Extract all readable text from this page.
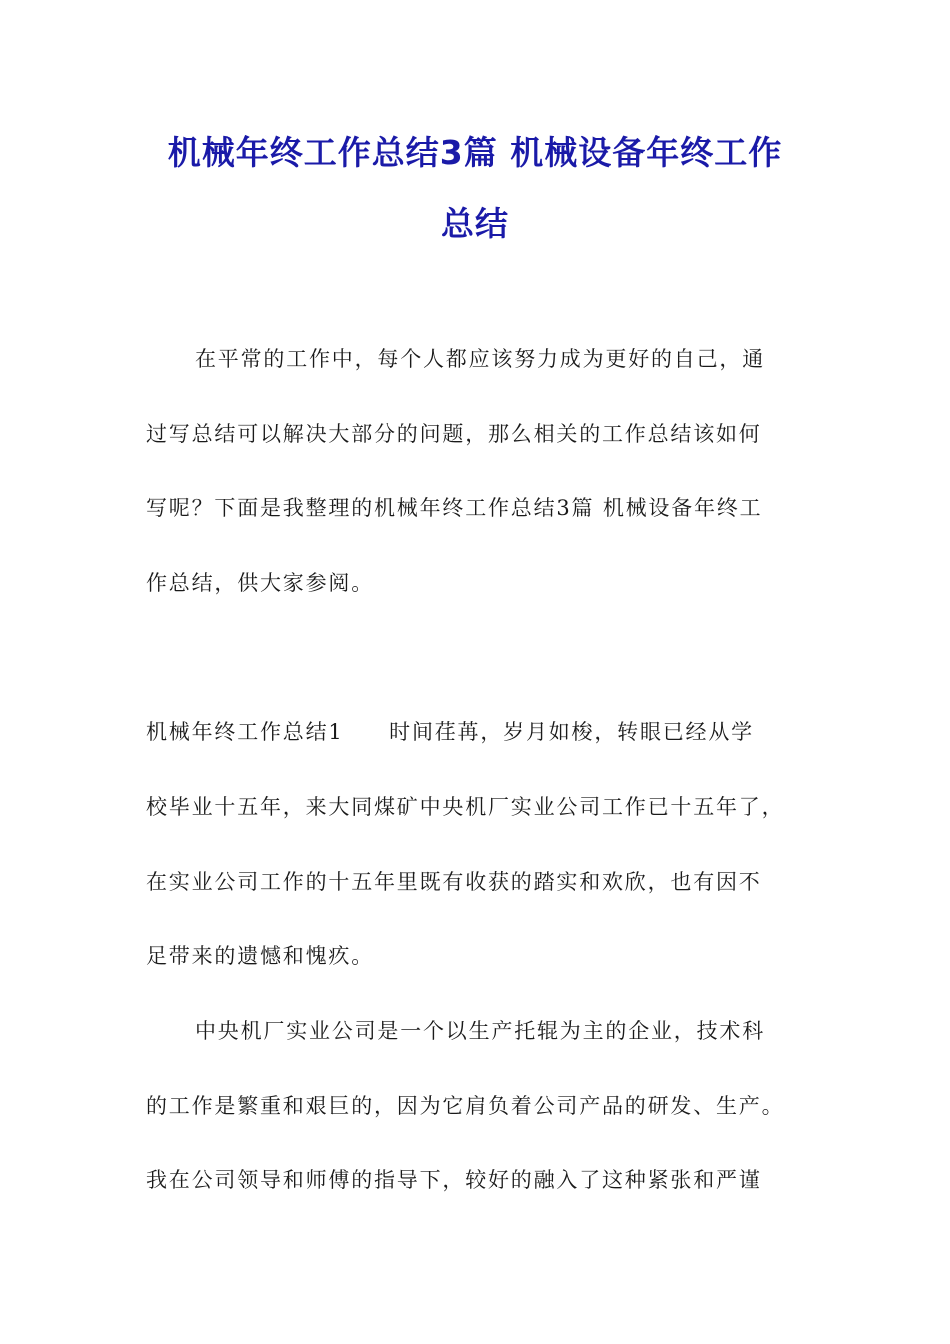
机械年终工作总结3篇 机械设备年终工作
总结

在平常的工作中，每个人都应该努力成为更好的自己，通

过写总结可以解决大部分的问题，那么相关的工作总结该如何

写呢？下面是我整理的机械年终工作总结3篇 机械设备年终工

作总结，供大家参阅。

机械年终工作总结1　　时间荏苒，岁月如梭，转眼已经从学

校毕业十五年，来大同煤矿中央机厂实业公司工作已十五年了，

在实业公司工作的十五年里既有收获的踏实和欢欣，也有因不

足带来的遗憾和愧疚。

中央机厂实业公司是一个以生产托辊为主的企业，技术科

的工作是繁重和艰巨的，因为它肩负着公司产品的研发、生产。

我在公司领导和师傅的指导下，较好的融入了这种紧张和严谨
